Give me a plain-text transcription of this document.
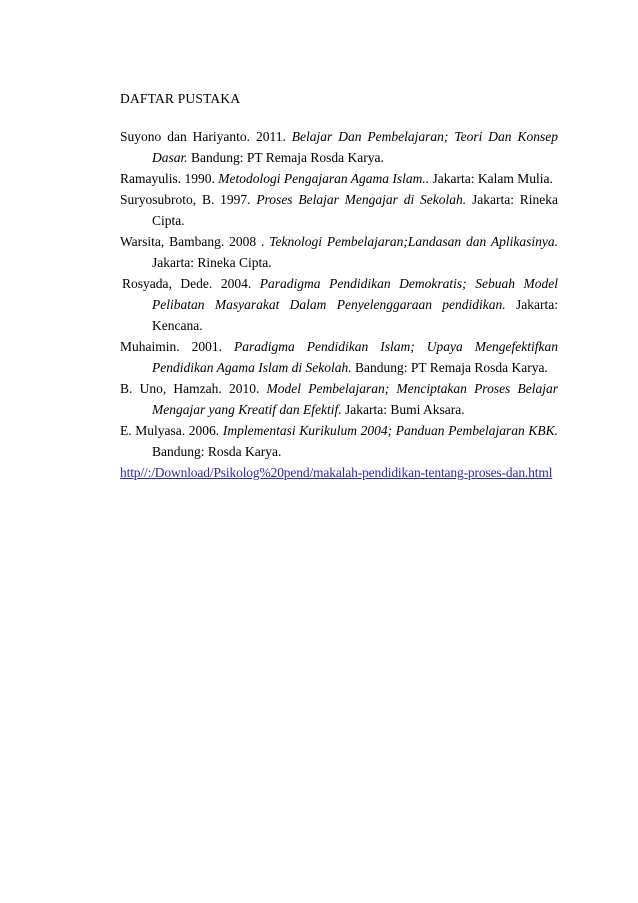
DAFTAR PUSTAKA

Suyono dan Hariyanto. 2011. Belajar Dan Pembelajaran; Teori Dan Konsep Dasar. Bandung: PT Remaja Rosda Karya.

Ramayulis. 1990. Metodologi Pengajaran Agama Islam.. Jakarta: Kalam Mulia.

Suryosubroto, B. 1997. Proses Belajar Mengajar di Sekolah. Jakarta: Rineka Cipta.

Warsita, Bambang. 2008 . Teknologi Pembelajaran;Landasan dan Aplikasinya. Jakarta: Rineka Cipta.

Rosyada, Dede. 2004. Paradigma Pendidikan Demokratis; Sebuah Model Pelibatan Masyarakat Dalam Penyelenggaraan pendidikan. Jakarta: Kencana.

Muhaimin. 2001. Paradigma Pendidikan Islam; Upaya Mengefektifkan Pendidikan Agama Islam di Sekolah. Bandung: PT Remaja Rosda Karya.

B. Uno, Hamzah. 2010. Model Pembelajaran; Menciptakan Proses Belajar Mengajar yang Kreatif dan Efektif. Jakarta: Bumi Aksara.

E. Mulyasa. 2006. Implementasi Kurikulum 2004; Panduan Pembelajaran KBK. Bandung: Rosda Karya.

http//:/Download/Psikolog%20pend/makalah-pendidikan-tentang-proses-dan.html
